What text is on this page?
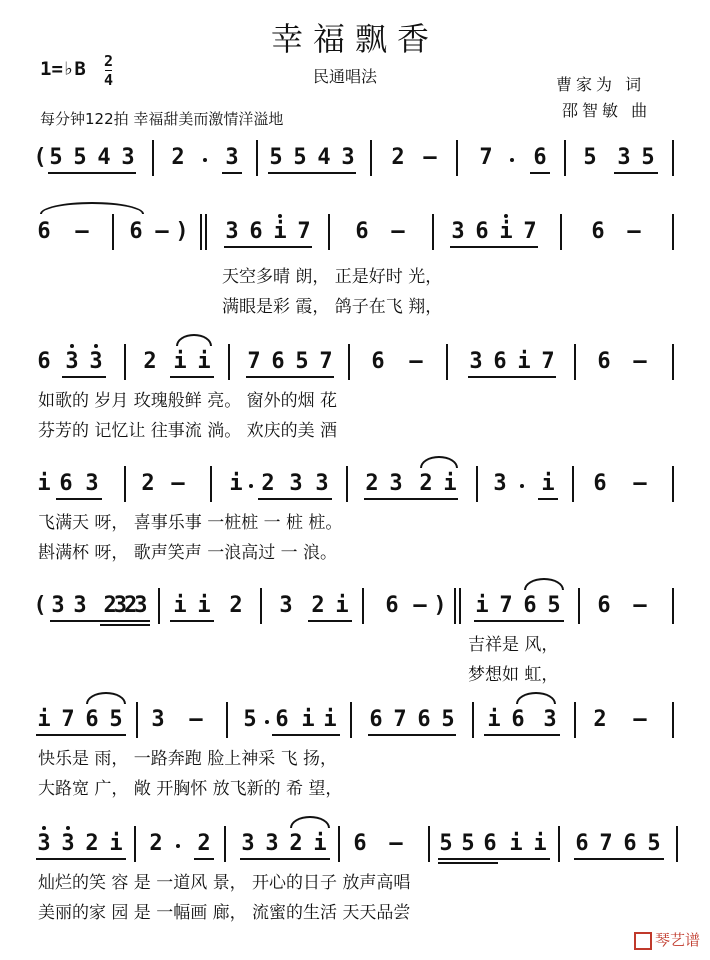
幸福飘香
1=♭B 2
4	民通唱法	曹家为 词
邵智敏 曲
每分钟122拍 幸福甜美而激情洋溢地
( 5 5 4 3 2 3 5 5 4 3 2 – 7 6 5 3 5
6 – 6 – ) 3 6 i 7 6 – 3 6 i 7 6 –
天空多晴 朗， 正是好时 光，
满眼是彩 霞， 鸽子在飞 翔，
6 3 3 2 i i 7 6 5 7 6 – 3 6 i 7 6 –
如歌的 岁月 玫瑰般鲜 亮。 窗外的烟 花
芬芳的 记忆让 往事流 淌。 欢庆的美 酒
i 6 3 2 – i 2 3 3 2 3 2 i 3 i 6 –
飞满天 呀， 喜事乐事 一桩桩 一 桩 桩。
斟满杯 呀， 歌声笑声 一浪高过 一 浪。
( 3 3 2323 i i 2 3 2 i 6 – ) i 7 6 5 6 –
吉祥是 风，
梦想如 虹，
i 7 6 5 3 – 5 6 i i 6 7 6 5 i 6 3 2 –
快乐是 雨， 一路奔跑 脸上神采 飞 扬，
大路宽 广， 敞 开胸怀 放飞新的 希 望，
3 3 2 i 2 2 3 3 2 i 6 – 5 5 6 i i 6 7 6 5
灿烂的笑 容 是 一道风 景， 开心的日子 放声高唱
美丽的家 园 是 一幅画 廊， 流蜜的生活 天天品尝
琴艺谱
